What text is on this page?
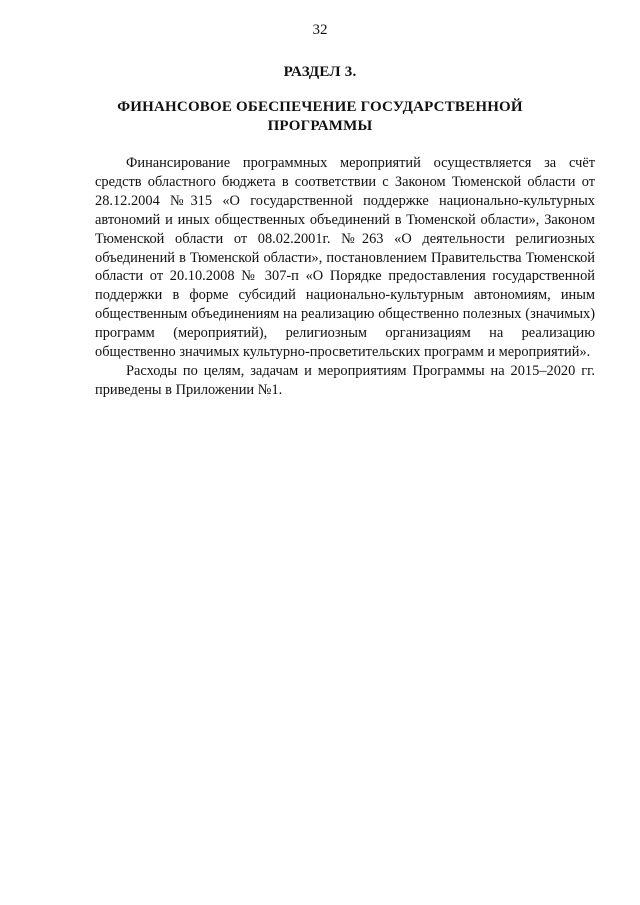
32

РАЗДЕЛ 3.

ФИНАНСОВОЕ ОБЕСПЕЧЕНИЕ ГОСУДАРСТВЕННОЙ
ПРОГРАММЫ

Финансирование программных мероприятий осуществляется за счёт средств областного бюджета в соответствии с Законом Тюменской области от 28.12.2004 №315 «О государственной поддержке национально-культурных автономий и иных общественных объединений в Тюменской области», Законом Тюменской области от 08.02.2001г. №263 «О деятельности религиозных объединений в Тюменской области», постановлением Правительства Тюменской области от 20.10.2008 № 307-п «О Порядке предоставления государственной поддержки в форме субсидий национально-культурным автономиям, иным общественным объединениям на реализацию общественно полезных (значимых) программ (мероприятий), религиозным организациям на реализацию общественно значимых культурно-просветительских программ и мероприятий».

Расходы по целям, задачам и мероприятиям Программы на 2015–2020 гг. приведены в Приложении №1.
